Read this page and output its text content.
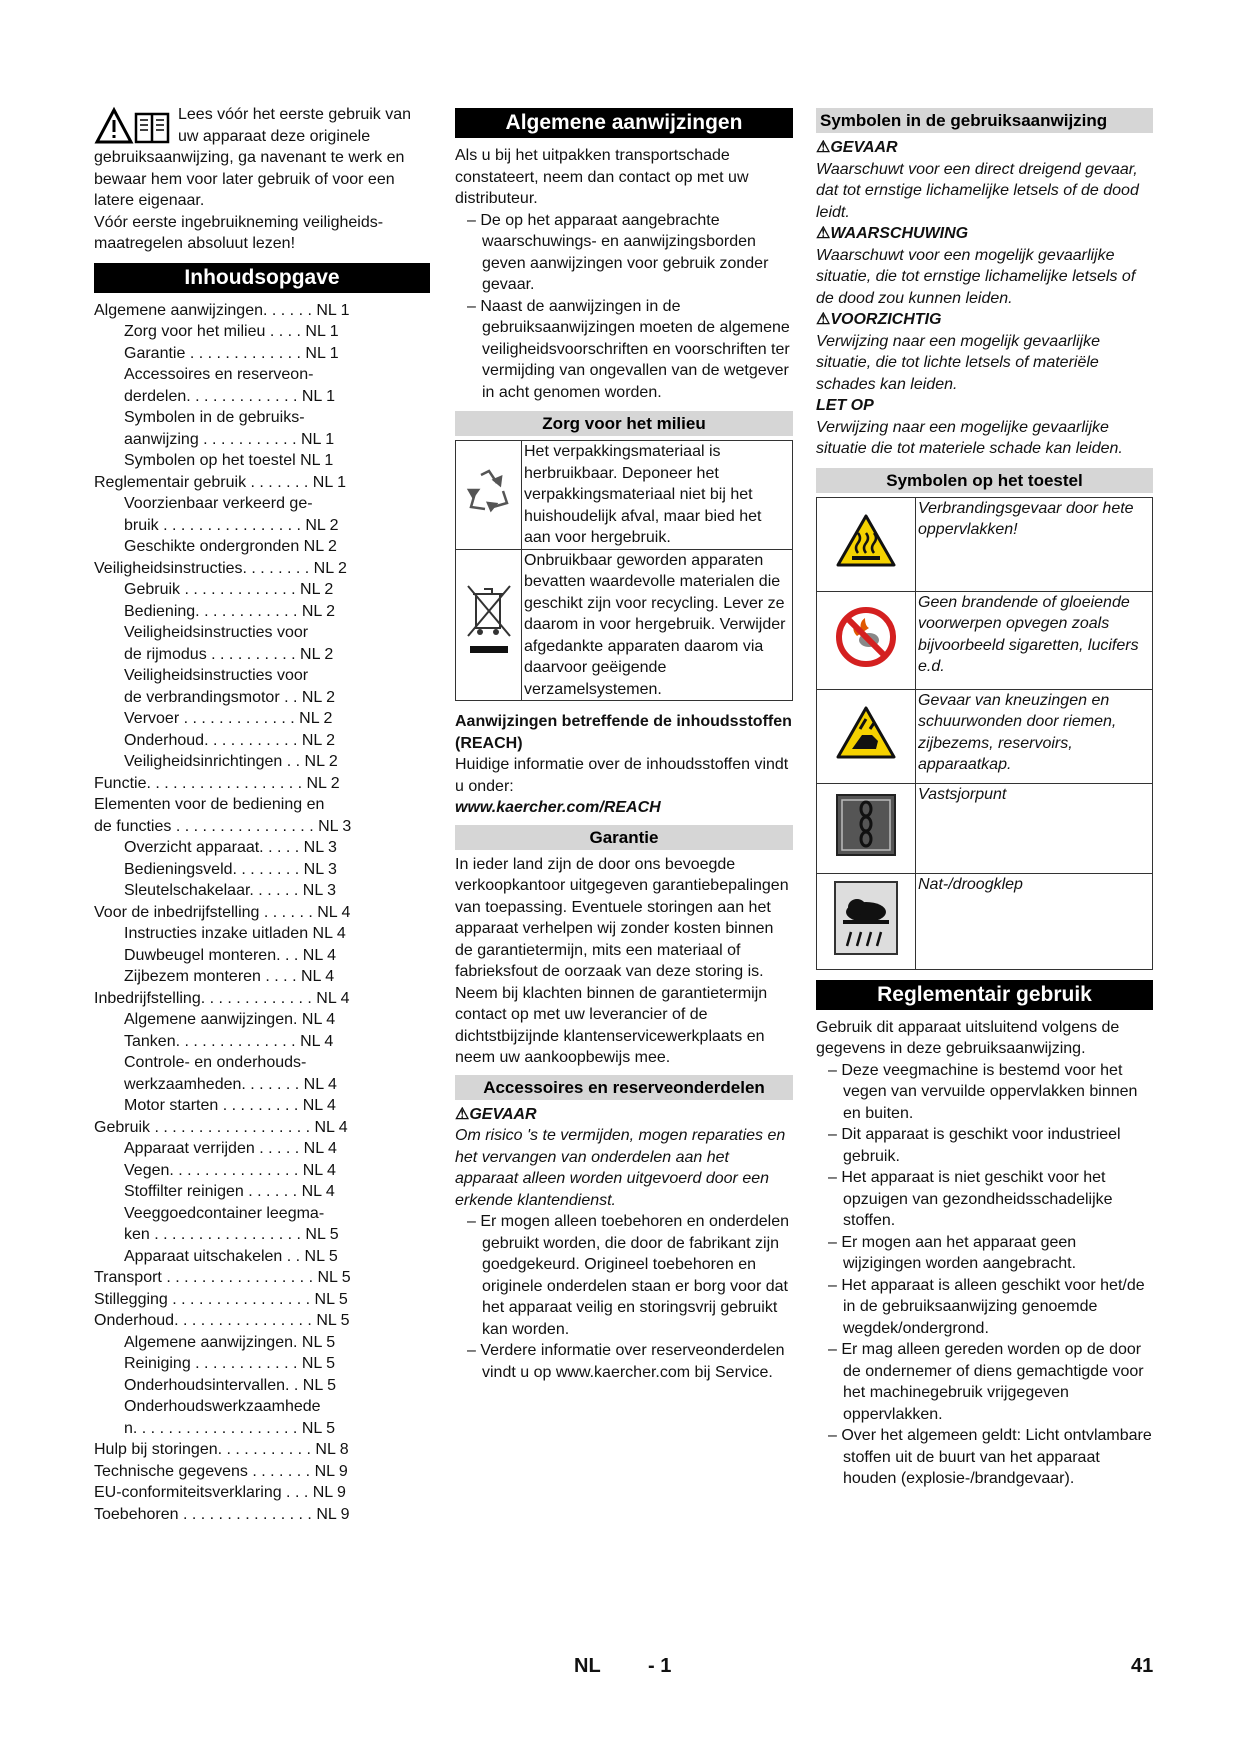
Lees vóór het eerste gebruik van uw apparaat deze originele gebruiksaanwijzing, ga navenant te werk en bewaar hem voor later gebruik of voor een latere eigenaar.

Vóór eerste ingebruikneming veiligheids-maatregelen absoluut lezen!

Inhoudsopgave
Algemene aanwijzingen. . . . . . NL 1
Zorg voor het milieu . . . . NL 1
Garantie . . . . . . . . . . . . . NL 1
Accessoires en reserveon-
derdelen. . . . . . . . . . . . . NL 1
Symbolen in de gebruiks-
aanwijzing . . . . . . . . . . . NL 1
Symbolen op het toestel NL 1
Reglementair gebruik . . . . . . . NL 1
Voorzienbaar verkeerd ge-
bruik . . . . . . . . . . . . . . . . NL 2
Geschikte ondergronden NL 2
Veiligheidsinstructies. . . . . . . . NL 2
Gebruik . . . . . . . . . . . . . NL 2
Bediening. . . . . . . . . . . . NL 2
Veiligheidsinstructies voor
de rijmodus . . . . . . . . . . NL 2
Veiligheidsinstructies voor
de verbrandingsmotor . . NL 2
Vervoer . . . . . . . . . . . . . NL 2
Onderhoud. . . . . . . . . . . NL 2
Veiligheidsinrichtingen . . NL 2
Functie. . . . . . . . . . . . . . . . . . NL 2
Elementen voor de bediening en
de functies . . . . . . . . . . . . . . . . NL 3
Overzicht apparaat. . . . . NL 3
Bedieningsveld. . . . . . . . NL 3
Sleutelschakelaar. . . . . . NL 3
Voor de inbedrijfstelling . . . . . . NL 4
Instructies inzake uitladen NL 4
Duwbeugel monteren. . . NL 4
Zijbezem monteren . . . . NL 4
Inbedrijfstelling. . . . . . . . . . . . . NL 4
Algemene aanwijzingen. NL 4
Tanken. . . . . . . . . . . . . . NL 4
Controle- en onderhouds-
werkzaamheden. . . . . . . NL 4
Motor starten . . . . . . . . . NL 4
Gebruik . . . . . . . . . . . . . . . . . . NL 4
Apparaat verrijden . . . . . NL 4
Vegen. . . . . . . . . . . . . . . NL 4
Stoffilter reinigen . . . . . . NL 4
Veeggoedcontainer leegma-
ken . . . . . . . . . . . . . . . . . NL 5
Apparaat uitschakelen . . NL 5
Transport . . . . . . . . . . . . . . . . . NL 5
Stillegging . . . . . . . . . . . . . . . . NL 5
Onderhoud. . . . . . . . . . . . . . . . NL 5
Algemene aanwijzingen. NL 5
Reiniging . . . . . . . . . . . . NL 5
Onderhoudsintervallen. . NL 5
Onderhoudswerkzaamhede
n. . . . . . . . . . . . . . . . . . . NL 5
Hulp bij storingen. . . . . . . . . . . NL 8
Technische gegevens . . . . . . . NL 9
EU-conformiteitsverklaring . . . NL 9
Toebehoren . . . . . . . . . . . . . . . NL 9
Algemene aanwijzingen

Als u bij het uitpakken transportschade constateert, neem dan contact op met uw distributeur.

– De op het apparaat aangebrachte waarschuwings- en aanwijzingsborden geven aanwijzingen voor gebruik zonder gevaar.

– Naast de aanwijzingen in de gebruiksaanwijzingen moeten de algemene veiligheidsvoorschriften en voorschriften ter vermijding van ongevallen van de wetgever in acht genomen worden.

Zorg voor het milieu
	Het verpakkingsmateriaal is herbruikbaar. Deponeer het verpakkingsmateriaal niet bij het huishoudelijk afval, maar bied het aan voor hergebruik.
	Onbruikbaar geworden apparaten bevatten waardevolle materialen die geschikt zijn voor recycling. Lever ze daarom in voor hergebruik. Verwijder afgedankte apparaten daarom via daarvoor geëigende verzamelsystemen.

Aanwijzingen betreffende de inhoudsstoffen (REACH)

Huidige informatie over de inhoudsstoffen vindt u onder:

www.kaercher.com/REACH

Garantie

In ieder land zijn de door ons bevoegde verkoopkantoor uitgegeven garantiebepalingen van toepassing. Eventuele storingen aan het apparaat verhelpen wij zonder kosten binnen de garantietermijn, mits een materiaal of fabrieksfout de oorzaak van deze storing is. Neem bij klachten binnen de garantietermijn contact op met uw leverancier of de dichtstbijzijnde klantenservicewerkplaats en neem uw aankoopbewijs mee.

Accessoires en reserveonderdelen

⚠GEVAAR

Om risico 's te vermijden, mogen reparaties en het vervangen van onderdelen aan het apparaat alleen worden uitgevoerd door een erkende klantendienst.

– Er mogen alleen toebehoren en onderdelen gebruikt worden, die door de fabrikant zijn goedgekeurd. Origineel toebehoren en originele onderdelen staan er borg voor dat het apparaat veilig en storingsvrij gebruikt kan worden.

– Verdere informatie over reserveonderdelen vindt u op www.kaercher.com bij Service.

Symbolen in de gebruiksaanwijzing

⚠GEVAAR

Waarschuwt voor een direct dreigend gevaar, dat tot ernstige lichamelijke letsels of de dood leidt.

⚠WAARSCHUWING

Waarschuwt voor een mogelijk gevaarlijke situatie, die tot ernstige lichamelijke letsels of de dood zou kunnen leiden.

⚠VOORZICHTIG

Verwijzing naar een mogelijk gevaarlijke situatie, die tot lichte letsels of materiële schades kan leiden.

LET OP

Verwijzing naar een mogelijke gevaarlijke situatie die tot materiele schade kan leiden.

Symbolen op het toestel
	Verbrandingsgevaar door hete oppervlakken!
	Geen brandende of gloeiende voorwerpen opvegen zoals bijvoorbeeld sigaretten, lucifers e.d.
	Gevaar van kneuzingen en schuurwonden door riemen, zijbezems, reservoirs, apparaatkap.
	Vastsjorpunt
	Nat-/droogklep
Reglementair gebruik

Gebruik dit apparaat uitsluitend volgens de gegevens in deze gebruiksaanwijzing.

– Deze veegmachine is bestemd voor het vegen van vervuilde oppervlakken binnen en buiten.

– Dit apparaat is geschikt voor industrieel gebruik.

– Het apparaat is niet geschikt voor het opzuigen van gezondheidsschadelijke stoffen.

– Er mogen aan het apparaat geen wijzigingen worden aangebracht.

– Het apparaat is alleen geschikt voor het/de in de gebruiksaanwijzing genoemde wegdek/ondergrond.

– Er mag alleen gereden worden op de door de ondernemer of diens gemachtigde voor het machinegebruik vrijgegeven oppervlakken.

– Over het algemeen geldt: Licht ontvlambare stoffen uit de buurt van het apparaat houden (explosie-/brandgevaar).

NL - 1	41
